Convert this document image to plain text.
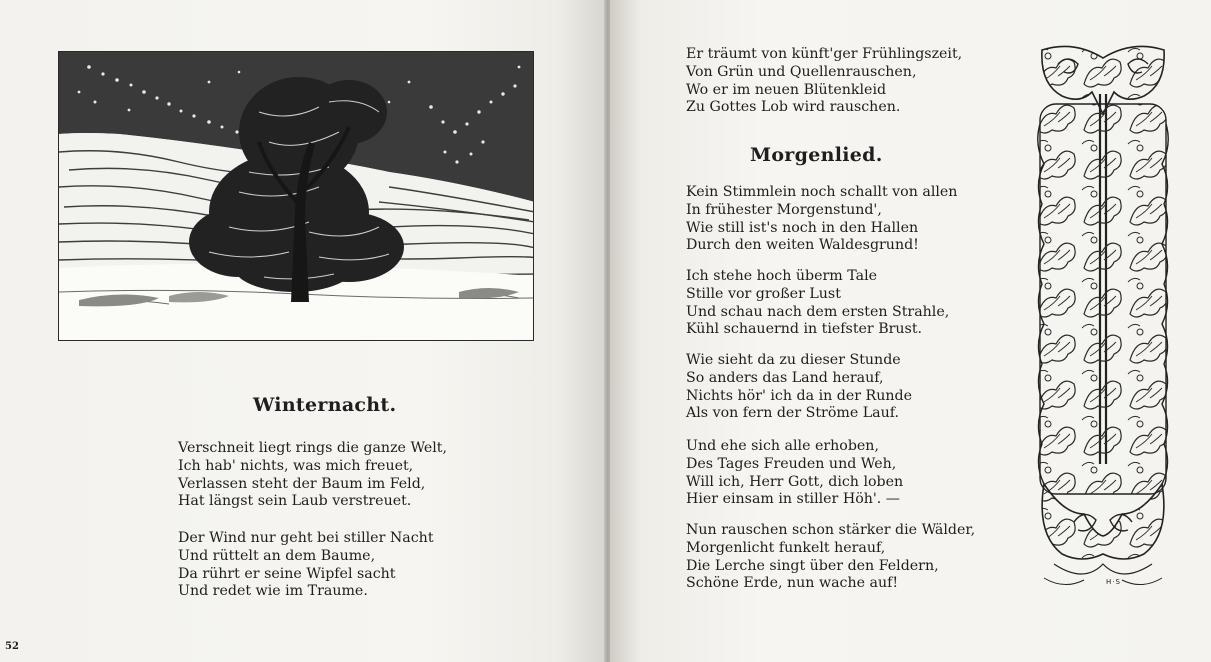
Winternacht.
Verschneit liegt rings die ganze Welt,
Ich hab' nichts, was mich freuet,
Verlassen steht der Baum im Feld,
Hat längst sein Laub verstreuet.
Der Wind nur geht bei stiller Nacht
Und rüttelt an dem Baume,
Da rührt er seine Wipfel sacht
Und redet wie im Traume.
52
Er träumt von künft'ger Frühlingszeit,
Von Grün und Quellenrauschen,
Wo er im neuen Blütenkleid
Zu Gottes Lob wird rauschen.
Morgenlied.
Kein Stimmlein noch schallt von allen
In frühester Morgenstund',
Wie still ist's noch in den Hallen
Durch den weiten Waldesgrund!
Ich stehe hoch überm Tale
Stille vor großer Lust
Und schau nach dem ersten Strahle,
Kühl schauernd in tiefster Brust.
Wie sieht da zu dieser Stunde
So anders das Land herauf,
Nichts hör' ich da in der Runde
Als von fern der Ströme Lauf.
Und ehe sich alle erhoben,
Des Tages Freuden und Weh,
Will ich, Herr Gott, dich loben
Hier einsam in stiller Höh'. —
Nun rauschen schon stärker die Wälder,
Morgenlicht funkelt herauf,
Die Lerche singt über den Feldern,
Schöne Erde, nun wache auf!	H·S
